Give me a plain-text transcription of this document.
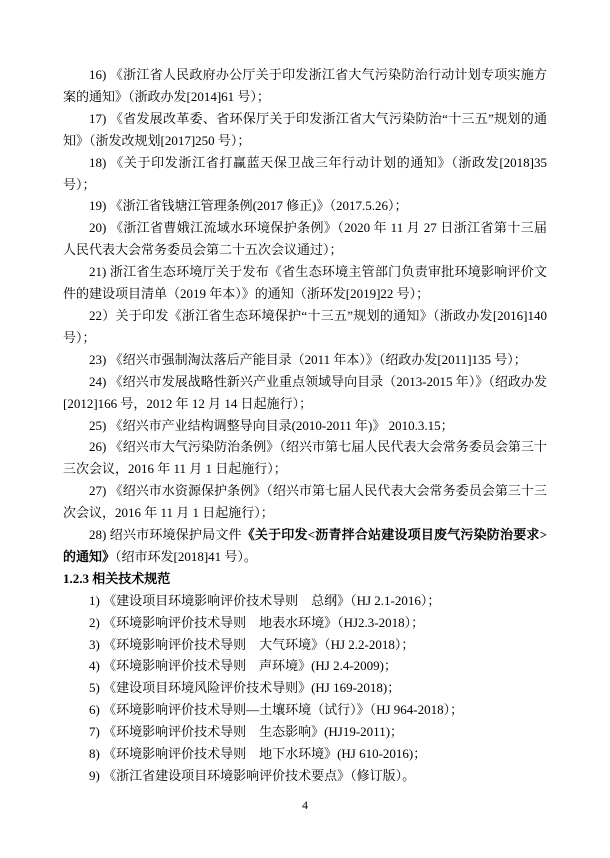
16) 《浙江省人民政府办公厅关于印发浙江省大气污染防治行动计划专项实施方案的通知》（浙政办发[2014]61 号）；

17) 《省发展改革委、省环保厅关于印发浙江省大气污染防治“十三五”规划的通知》（浙发改规划[2017]250 号）；

18) 《关于印发浙江省打赢蓝天保卫战三年行动计划的通知》（浙政发[2018]35 号）；

19) 《浙江省钱塘江管理条例(2017 修正)》（2017.5.26）；

20) 《浙江省曹娥江流域水环境保护条例》（2020 年 11 月 27 日浙江省第十三届人民代表大会常务委员会第二十五次会议通过）；

21) 浙江省生态环境厅关于发布《省生态环境主管部门负责审批环境影响评价文件的建设项目清单（2019 年本）》的通知（浙环发[2019]22 号）；

22）关于印发《浙江省生态环境保护“十三五”规划的通知》（浙政办发[2016]140 号）；

23) 《绍兴市强制淘汰落后产能目录（2011 年本）》（绍政办发[2011]135 号）；

24) 《绍兴市发展战略性新兴产业重点领域导向目录（2013-2015 年）》（绍政办发[2012]166 号，2012 年 12 月 14 日起施行）；

25) 《绍兴市产业结构调整导向目录(2010-2011 年)》 2010.3.15；

26) 《绍兴市大气污染防治条例》（绍兴市第七届人民代表大会常务委员会第三十三次会议，2016 年 11 月 1 日起施行）；

27) 《绍兴市水资源保护条例》（绍兴市第七届人民代表大会常务委员会第三十三次会议，2016 年 11 月 1 日起施行）；

28) 绍兴市环境保护局文件《关于印发<沥青拌合站建设项目废气污染防治要求>的通知》（绍市环发[2018]41 号）。

1.2.3 相关技术规范

1) 《建设项目环境影响评价技术导则　总纲》（HJ 2.1-2016）；

2) 《环境影响评价技术导则　地表水环境》（HJ2.3-2018）；

3) 《环境影响评价技术导则　大气环境》（HJ 2.2-2018）；

4) 《环境影响评价技术导则　声环境》(HJ 2.4-2009)；

5) 《建设项目环境风险评价技术导则》(HJ 169-2018)；

6) 《环境影响评价技术导则—土壤环境（试行）》（HJ 964-2018）；

7) 《环境影响评价技术导则　生态影响》(HJ19-2011)；

8) 《环境影响评价技术导则　地下水环境》(HJ 610-2016)；

9) 《浙江省建设项目环境影响评价技术要点》（修订版）。

4
